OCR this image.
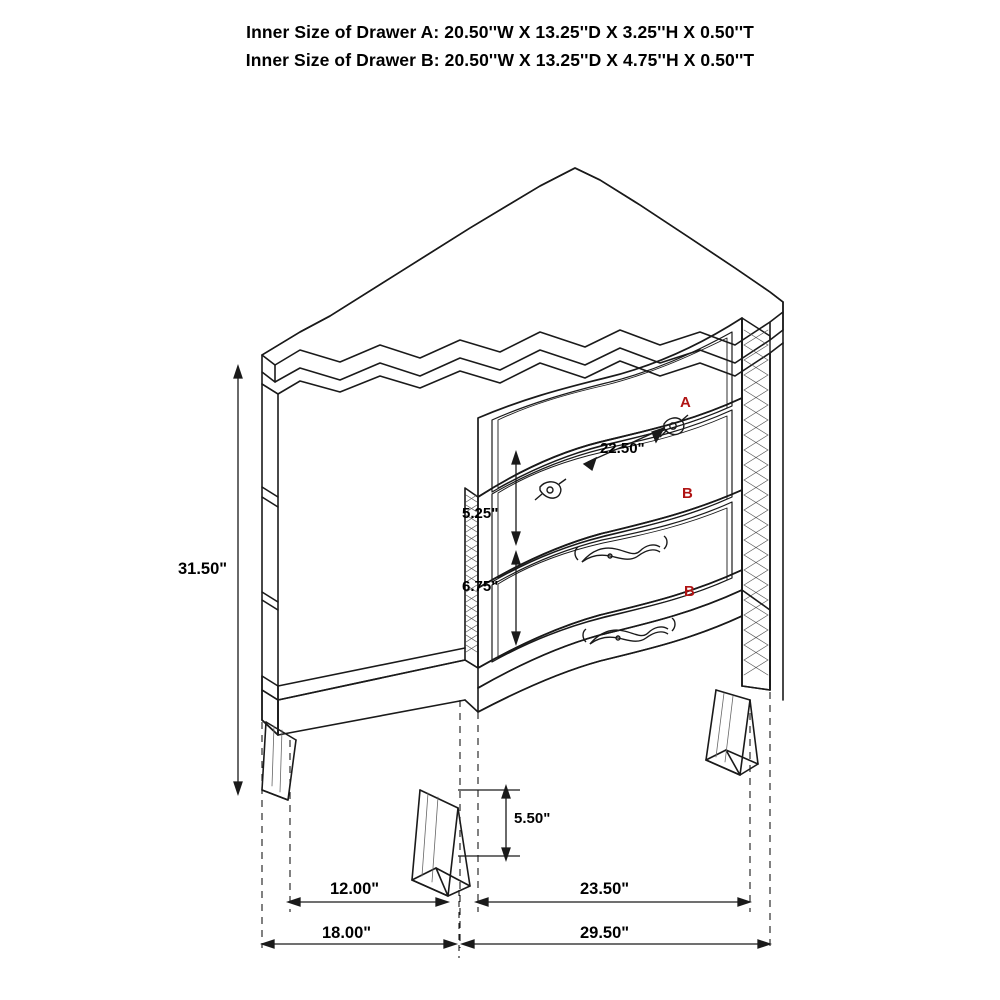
Inner Size of Drawer A: 20.50''W X 13.25''D X 3.25''H X 0.50''T
Inner Size of Drawer B: 20.50''W X 13.25''D X 4.75''H X 0.50''T
31.50"
5.25"
6.75"
22.50"
5.50"
12.00"	23.50"
18.00"	29.50"
A
B
B
